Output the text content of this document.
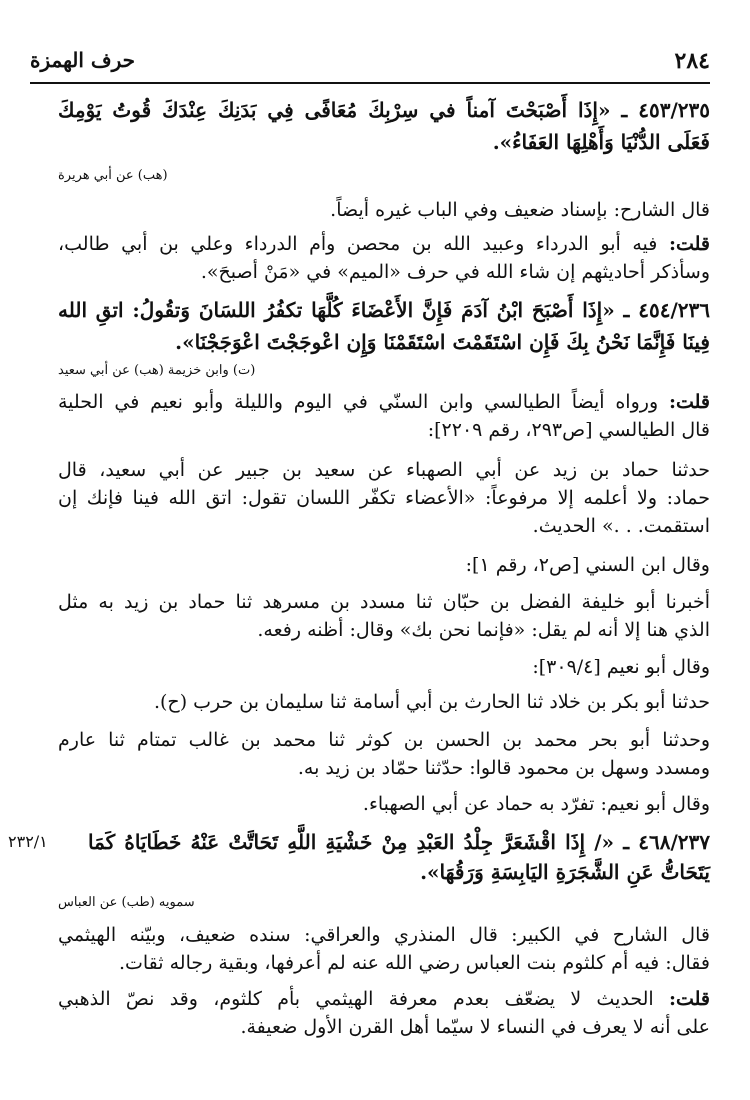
٢٨٤
حرف الهمزة
٤٥٣/٢٣٥ ـ «إِذَا أَصْبَحْتَ آمناً في سِرْبِكَ مُعَافًى فِي بَدَنِكَ عِنْدَكَ قُوتُ يَوْمِكَ
فَعَلَى الدُّنْيَا وَأَهْلِهَا العَفَاءُ».
(هب) عن أبي هريرة
قال الشارح: بإسناد ضعيف وفي الباب غيره أيضاً.
قلت: فيه أبو الدرداء وعبيد الله بن محصن وأم الدرداء وعلي بن أبي طالب،
وسأذكر أحاديثهم إن شاء الله في حرف «الميم» في «مَنْ أصبحَ».
٤٥٤/٢٣٦ ـ «إِذَا أَصْبَحَ ابْنُ آدَمَ فَإِنَّ الأَعْضَاءَ كُلَّهَا تكفُرُ اللسَانَ وَتقُولُ: اتقِ الله
فِينَا فَإِنَّمَا نَحْنُ بِكَ فَإِن اسْتَقَمْتَ اسْتَقَمْنَا وَإِن اعْوجَجْتَ اعْوَجَجْنَا».
(ت) وابن خزيمة (هب) عن أبي سعيد
قلت: ورواه أيضاً الطيالسي وابن السنّي في اليوم والليلة وأبو نعيم في الحلية
قال الطيالسي [ص٢٩٣، رقم ٢٢٠٩]:
حدثنا حماد بن زيد عن أبي الصهباء عن سعيد بن جبير عن أبي سعيد، قال
حماد: ولا أعلمه إلا مرفوعاً: «الأعضاء تكفّر اللسان تقول: اتق الله فينا فإنك إن
استقمت. . .» الحديث.
وقال ابن السني [ص٢، رقم ١]:
أخبرنا أبو خليفة الفضل بن حبّان ثنا مسدد بن مسرهد ثنا حماد بن زيد به مثل
الذي هنا إلا أنه لم يقل: «فإنما نحن بك» وقال: أظنه رفعه.
وقال أبو نعيم [٣٠٩/٤]:
حدثنا أبو بكر بن خلاد ثنا الحارث بن أبي أسامة ثنا سليمان بن حرب (ح).
وحدثنا أبو بحر محمد بن الحسن بن كوثر ثنا محمد بن غالب تمتام ثنا عارم
ومسدد وسهل بن محمود قالوا: حدّثنا حمّاد بن زيد به.
وقال أبو نعيم: تفرّد به حماد عن أبي الصهباء.
٢٣٢/١ ٤٦٨/٢٣٧ ـ «/ إِذَا اقْشَعَرَّ جِلْدُ العَبْدِ مِنْ خَشْيَةِ اللَّهِ تَحَاتَّتْ عَنْهُ خَطَايَاهُ كَمَا
يَتَحَاتُّ عَنِ الشَّجَرَةِ اليَابِسَةِ وَرَقُهَا».
سمويه (طب) عن العباس
قال الشارح في الكبير: قال المنذري والعراقي: سنده ضعيف، وبيّنه الهيثمي
فقال: فيه أم كلثوم بنت العباس رضي الله عنه لم أعرفها، وبقية رجاله ثقات.
قلت: الحديث لا يضعّف بعدم معرفة الهيثمي بأم كلثوم، وقد نصّ الذهبي
على أنه لا يعرف في النساء لا سيّما أهل القرن الأول ضعيفة.
